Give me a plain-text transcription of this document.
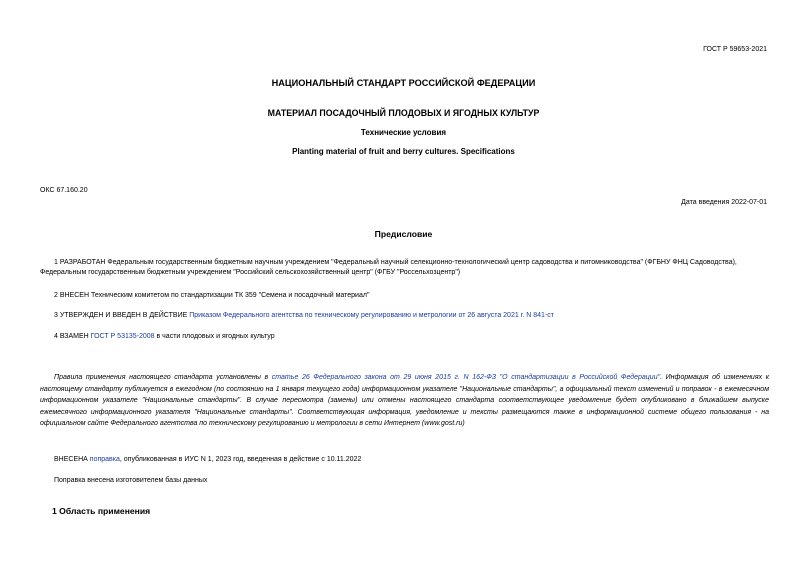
ГОСТ Р 59653-2021
НАЦИОНАЛЬНЫЙ СТАНДАРТ РОССИЙСКОЙ ФЕДЕРАЦИИ
МАТЕРИАЛ ПОСАДОЧНЫЙ ПЛОДОВЫХ И ЯГОДНЫХ КУЛЬТУР
Технические условия
Planting material of fruit and berry cultures. Specifications
ОКС 67.160.20
Дата введения 2022-07-01
Предисловие

1 РАЗРАБОТАН Федеральным государственным бюджетным научным учреждением "Федеральный научный селекционно-технологический центр садоводства и питомниководства" (ФГБНУ ФНЦ Садоводства),

Федеральным государственным бюджетным учреждением "Российский сельскохозяйственный центр" (ФГБУ "Россельхозцентр")

2 ВНЕСЕН Техническим комитетом по стандартизации ТК 359 "Семена и посадочный материал"

3 УТВЕРЖДЕН И ВВЕДЕН В ДЕЙСТВИЕ Приказом Федерального агентства по техническому регулированию и метрологии от 26 августа 2021 г. N 841-ст

4 ВЗАМЕН ГОСТ Р 53135-2008 в части плодовых и ягодных культур

Правила применения настоящего стандарта установлены в статье 26 Федерального закона от 29 июня 2015 г. N 162-ФЗ "О стандартизации в Российской Федерации". Информация об изменениях к настоящему стандарту публикуется в ежегодном (по состоянию на 1 января текущего года) информационном указателе "Национальные стандарты", а официальный текст изменений и поправок - в ежемесячном информационном указателе "Национальные стандарты". В случае пересмотра (замены) или отмены настоящего стандарта соответствующее уведомление будет опубликовано в ближайшем выпуске ежемесячного информационного указателя "Национальные стандарты". Соответствующая информация, уведомление и тексты размещаются также в информационной системе общего пользования - на официальном сайте Федерального агентства по техническому регулированию и метрологии в сети Интернет (www.gost.ru)
ВНЕСЕНА поправка, опубликованная в ИУС N 1, 2023 год, введенная в действие с 10.11.2022
Поправка внесена изготовителем базы данных
1 Область применения
